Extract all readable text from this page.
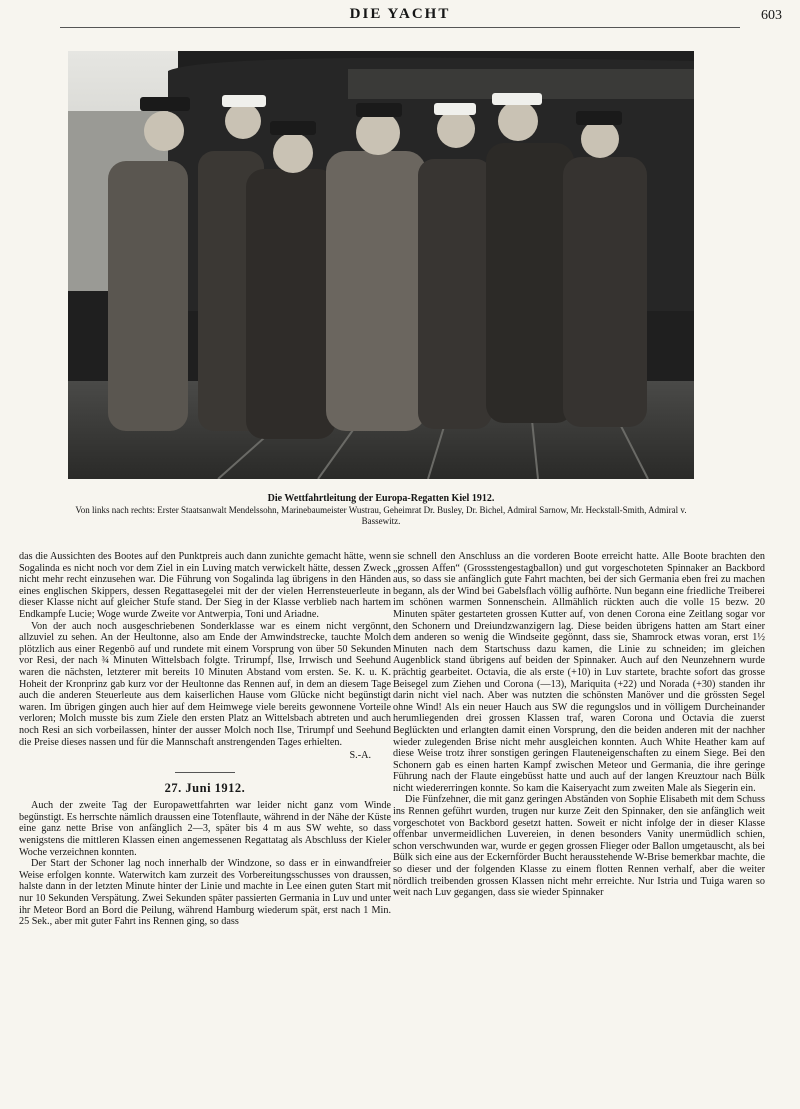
DIE YACHT	603
Die Wettfahrtleitung der Europa-Regatten Kiel 1912.
Von links nach rechts: Erster Staatsanwalt Mendelssohn, Marinebaumeister Wustrau, Geheimrat Dr. Busley, Dr. Bichel, Admiral Sarnow, Mr. Heckstall-Smith, Admiral v. Bassewitz.

das die Aussichten des Bootes auf den Punktpreis auch dann zunichte gemacht hätte, wenn Sogalinda es nicht noch vor dem Ziel in ein Luving match verwickelt hätte, dessen Zweck nicht mehr recht einzusehen war. Die Führung von Sogalinda lag übrigens in den Händen eines englischen Skippers, dessen Regattasegelei mit der der vielen Herrensteuerleute in dieser Klasse nicht auf gleicher Stufe stand. Der Sieg in der Klasse verblieb nach hartem Endkampfe Lucie; Woge wurde Zweite vor Antwerpia, Toni und Ariadne.

Von der auch noch ausgeschriebenen Sonderklasse war es einem nicht vergönnt, allzuviel zu sehen. An der Heultonne, also am Ende der Amwindstrecke, tauchte Molch plötzlich aus einer Regenbö auf und rundete mit einem Vorsprung von über 50 Sekunden vor Resi, der nach ¾ Minuten Wittelsbach folgte. Trirumpf, Ilse, Irrwisch und Seehund waren die nächsten, letzterer mit bereits 10 Minuten Abstand vom ersten. Se. K. u. K. Hoheit der Kronprinz gab kurz vor der Heultonne das Rennen auf, in dem an diesem Tage auch die anderen Steuerleute aus dem kaiserlichen Hause vom Glücke nicht begünstigt waren. Im übrigen gingen auch hier auf dem Heimwege viele bereits gewonnene Vorteile verloren; Molch musste bis zum Ziele den ersten Platz an Wittelsbach abtreten und auch noch Resi an sich vorbeilassen, hinter der ausser Molch noch Ilse, Trirumpf und Seehund die Preise dieses nassen und für die Mannschaft anstrengenden Tages erhielten.

S.-A.
27. Juni 1912.

Auch der zweite Tag der Europawettfahrten war leider nicht ganz vom Winde begünstigt. Es herrschte nämlich draussen eine Totenflaute, während in der Nähe der Küste eine ganz nette Brise von anfänglich 2—3, später bis 4 m aus SW wehte, so dass wenigstens die mittleren Klassen einen angemessenen Regattatag als Abschluss der Kieler Woche verzeichnen konnten.

Der Start der Schoner lag noch innerhalb der Windzone, so dass er in einwandfreier Weise erfolgen konnte. Waterwitch kam zurzeit des Vorbereitungsschusses von draussen, halste dann in der letzten Minute hinter der Linie und machte in Lee einen guten Start mit nur 10 Sekunden Verspätung. Zwei Sekunden später passierten Germania in Luv und unter ihr Meteor Bord an Bord die Peilung, während Hamburg wiederum spät, erst nach 1 Min. 25 Sek., aber mit guter Fahrt ins Rennen ging, so dass

sie schnell den Anschluss an die vorderen Boote erreicht hatte. Alle Boote brachten den „grossen Affen“ (Grossstengestagballon) und gut vorgeschoteten Spinnaker an Backbord aus, so dass sie anfänglich gute Fahrt machten, bei der sich Germania eben frei zu machen begann, als der Wind bei Gabelsflach völlig aufhörte. Nun begann eine friedliche Treiberei im schönen warmen Sonnenschein. Allmählich rückten auch die volle 15 bezw. 20 Minuten später gestarteten grossen Kutter auf, von denen Corona eine Zeitlang sogar vor den Schonern und Dreiundzwanzigern lag. Diese beiden übrigens hatten am Start einer dem anderen so wenig die Windseite gegönnt, dass sie, Shamrock etwas voran, erst 1½ Minuten nach dem Startschuss dazu kamen, die Linie zu schneiden; im gleichen Augenblick stand übrigens auf beiden der Spinnaker. Auch auf den Neunzehnern wurde prächtig gearbeitet. Octavia, die als erste (+10) in Luv startete, brachte sofort das grosse Beisegel zum Ziehen und Corona (—13), Mariquita (+22) und Norada (+30) standen ihr darin nicht viel nach. Aber was nutzten die schönsten Manöver und die grössten Segel ohne Wind! Als ein neuer Hauch aus SW die regungslos und in völligem Durcheinander herumliegenden drei grossen Klassen traf, waren Corona und Octavia die zuerst Beglückten und erlangten damit einen Vorsprung, den die beiden anderen mit der nachher wieder zulegenden Brise nicht mehr ausgleichen konnten. Auch White Heather kam auf diese Weise trotz ihrer sonstigen geringen Flauteneigenschaften zu einem Siege. Bei den Schonern gab es einen harten Kampf zwischen Meteor und Germania, die ihre geringe Führung nach der Flaute eingebüsst hatte und auch auf der langen Kreuztour nach Bülk nicht wiedererringen konnte. So kam die Kaiseryacht zum zweiten Male als Siegerin ein.

Die Fünfzehner, die mit ganz geringen Abständen von Sophie Elisabeth mit dem Schuss ins Rennen geführt wurden, trugen nur kurze Zeit den Spinnaker, den sie anfänglich weit vorgeschotet von Backbord gesetzt hatten. Soweit er nicht infolge der in dieser Klasse offenbar unvermeidlichen Luvereien, in denen besonders Vanity unermüdlich schien, schon verschwunden war, wurde er gegen grossen Flieger oder Ballon umgetauscht, als bei Bülk sich eine aus der Eckernförder Bucht herausstehende W-Brise bemerkbar machte, die so dieser und der folgenden Klasse zu einem flotten Rennen verhalf, aber die weiter nördlich treibenden grossen Klassen nicht mehr erreichte. Nur Istria und Tuiga waren so weit nach Luv gegangen, dass sie wieder Spinnaker
